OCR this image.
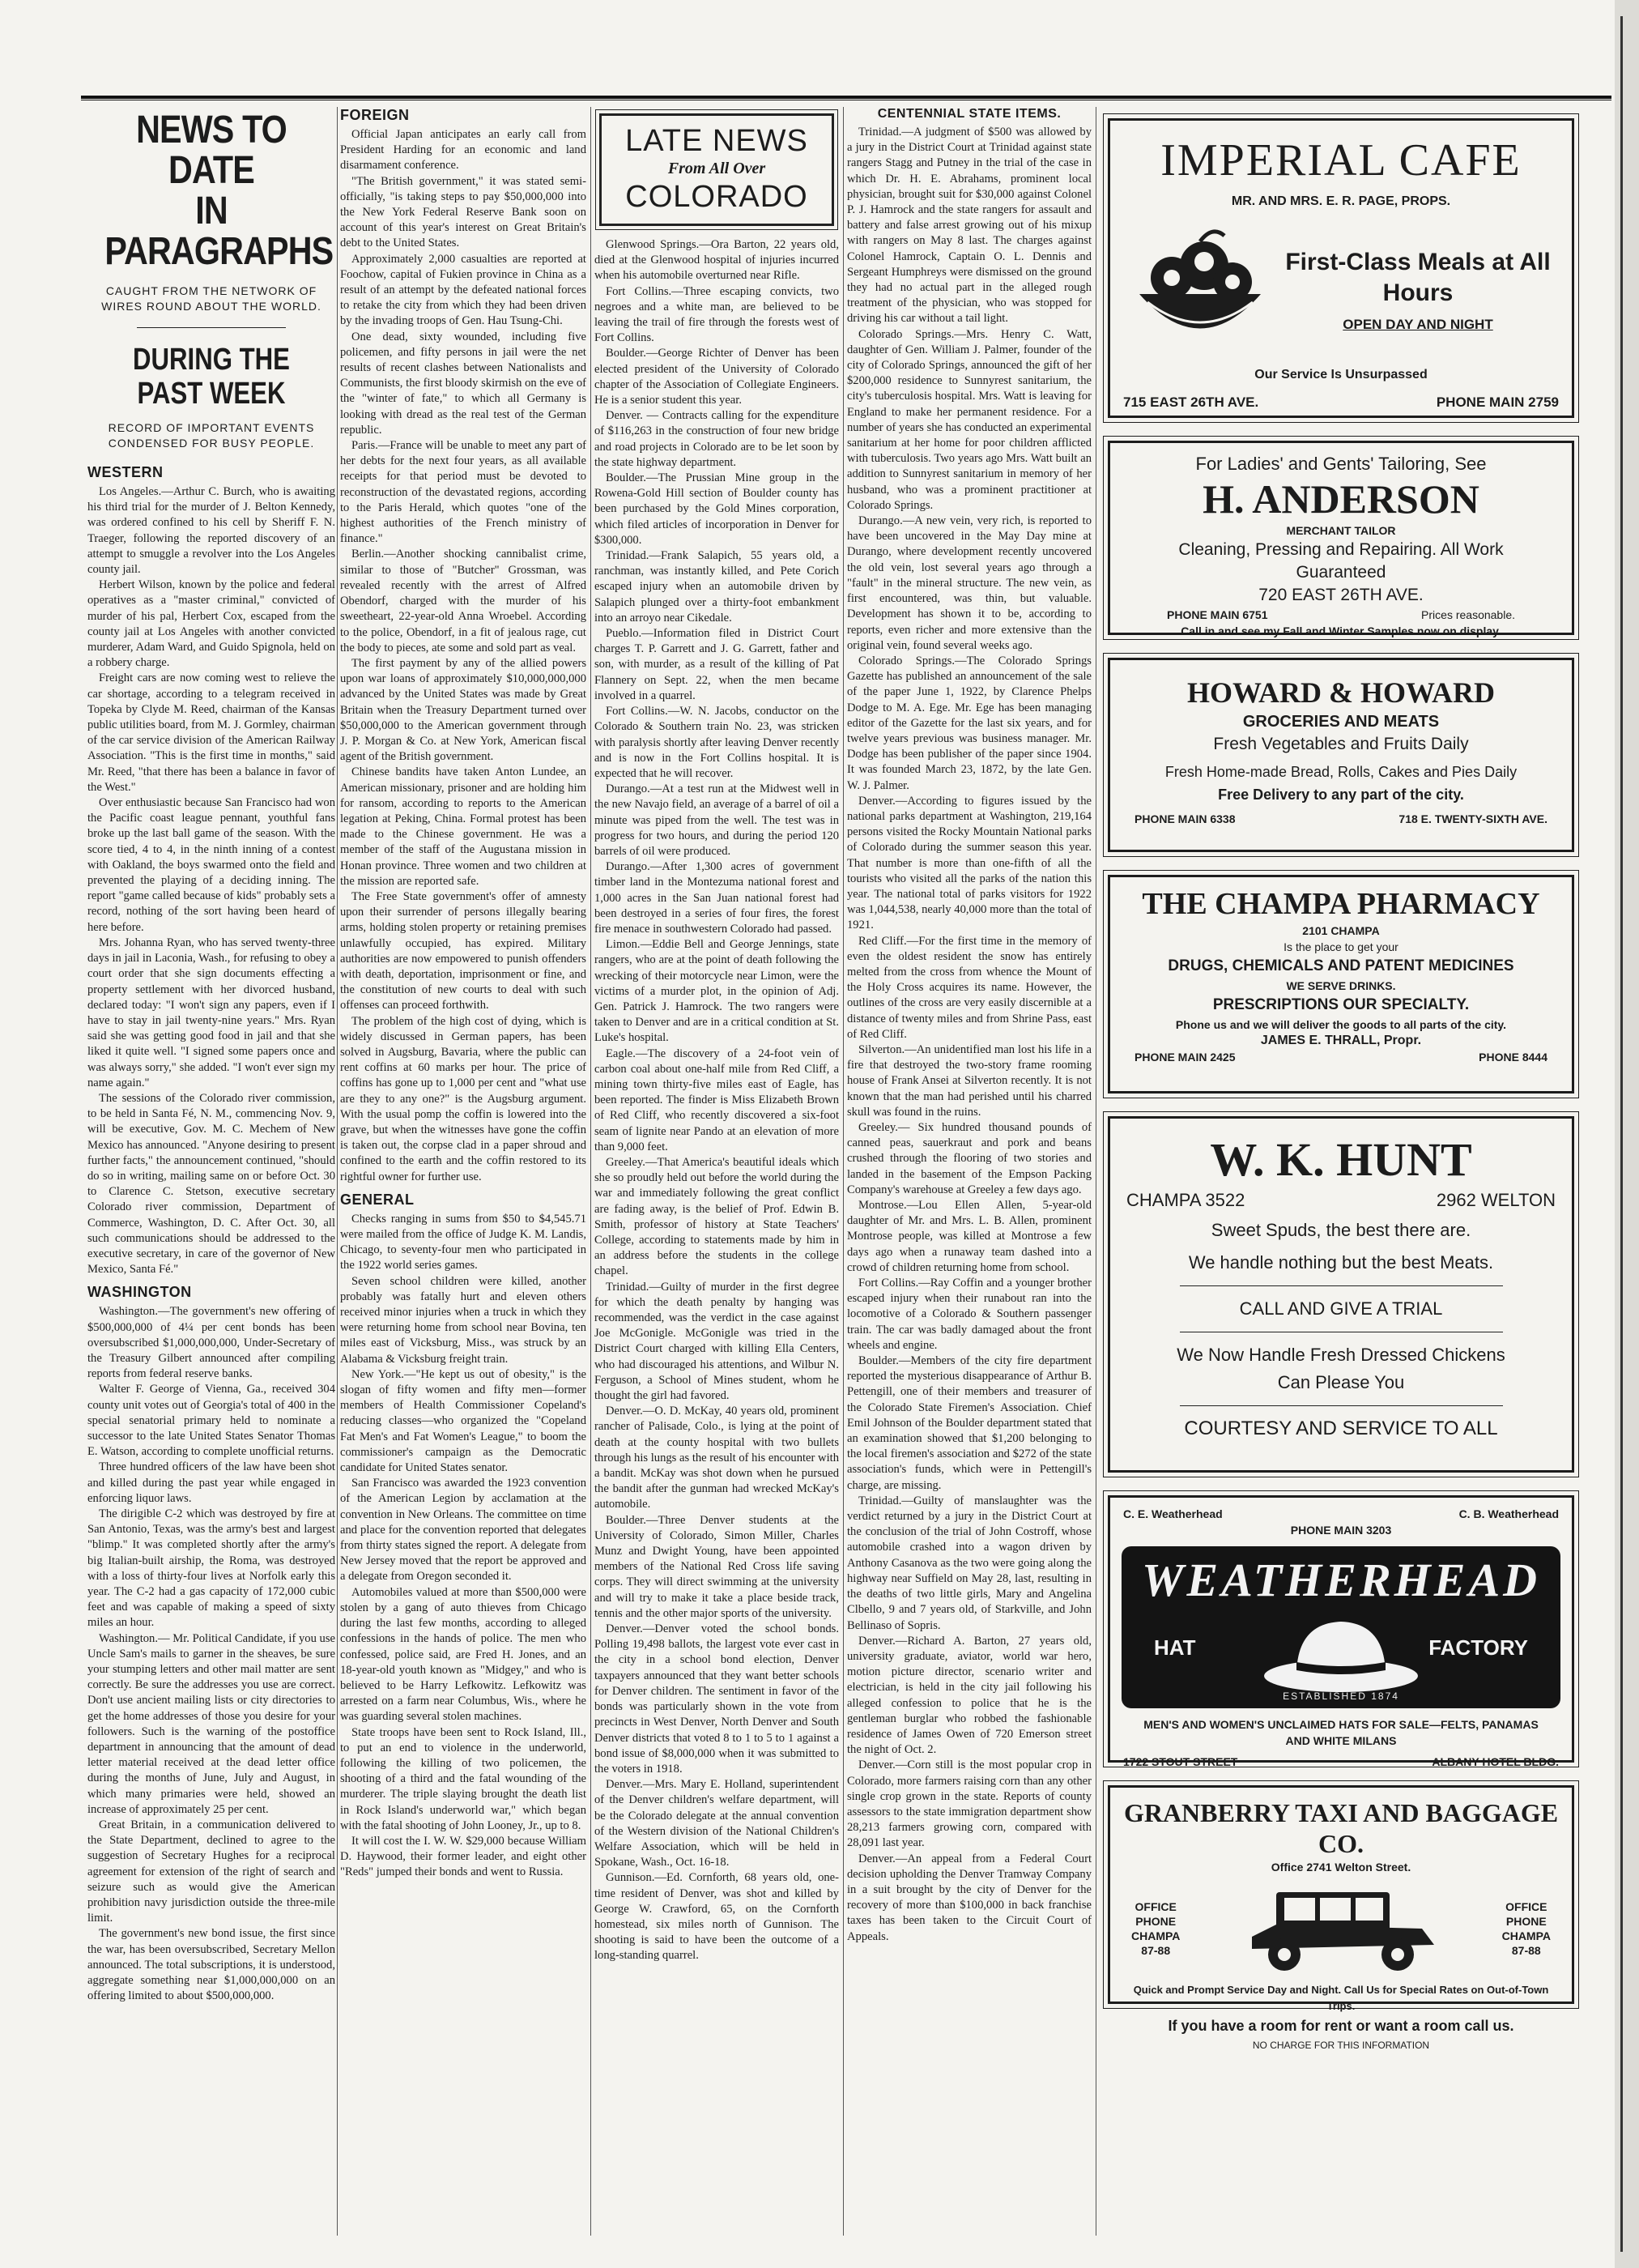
NEWS TO DATE
IN PARAGRAPHS
CAUGHT FROM THE NETWORK OF WIRES ROUND ABOUT THE WORLD.
DURING THE PAST WEEK
RECORD OF IMPORTANT EVENTS CONDENSED FOR BUSY PEOPLE.
WESTERN
Los Angeles.—Arthur C. Burch, who is awaiting his third trial for the murder of J. Belton Kennedy, was ordered confined to his cell by Sheriff F. N. Traeger, following the reported discovery of an attempt to smuggle a revolver into the Los Angeles county jail.
Herbert Wilson, known by the police and federal operatives as a "master criminal," convicted of murder of his pal, Herbert Cox, escaped from the county jail at Los Angeles with another convicted murderer, Adam Ward, and Guido Spignola, held on a robbery charge.
Freight cars are now coming west to relieve the car shortage, according to a telegram received in Topeka by Clyde M. Reed, chairman of the Kansas public utilities board, from M. J. Gormley, chairman of the car service division of the American Railway Association. "This is the first time in months," said Mr. Reed, "that there has been a balance in favor of the West."
Over enthusiastic because San Francisco had won the Pacific coast league pennant, youthful fans broke up the last ball game of the season. With the score tied, 4 to 4, in the ninth inning of a contest with Oakland, the boys swarmed onto the field and prevented the playing of a deciding inning. The report "game called because of kids" probably sets a record, nothing of the sort having been heard of here before.
Mrs. Johanna Ryan, who has served twenty-three days in jail in Laconia, Wash., for refusing to obey a court order that she sign documents effecting a property settlement with her divorced husband, declared today: "I won't sign any papers, even if I have to stay in jail twenty-nine years." Mrs. Ryan said she was getting good food in jail and that she liked it quite well. "I signed some papers once and was always sorry," she added. "I won't ever sign my name again."
The sessions of the Colorado river commission, to be held in Santa Fé, N. M., commencing Nov. 9, will be executive, Gov. M. C. Mechem of New Mexico has announced. "Anyone desiring to present further facts," the announcement continued, "should do so in writing, mailing same on or before Oct. 30 to Clarence C. Stetson, executive secretary Colorado river commission, Department of Commerce, Washington, D. C. After Oct. 30, all such communications should be addressed to the executive secretary, in care of the governor of New Mexico, Santa Fé."
WASHINGTON
Washington.—The government's new offering of $500,000,000 of 4¼ per cent bonds has been oversubscribed $1,000,000,000, Under-Secretary of the Treasury Gilbert announced after compiling reports from federal reserve banks.
Walter F. George of Vienna, Ga., received 304 county unit votes out of Georgia's total of 400 in the special senatorial primary held to nominate a successor to the late United States Senator Thomas E. Watson, according to complete unofficial returns.
Three hundred officers of the law have been shot and killed during the past year while engaged in enforcing liquor laws.
The dirigible C-2 which was destroyed by fire at San Antonio, Texas, was the army's best and largest "blimp." It was completed shortly after the army's big Italian-built airship, the Roma, was destroyed with a loss of thirty-four lives at Norfolk early this year. The C-2 had a gas capacity of 172,000 cubic feet and was capable of making a speed of sixty miles an hour.
Washington.— Mr. Political Candidate, if you use Uncle Sam's mails to garner in the sheaves, be sure your stumping letters and other mail matter are sent correctly. Be sure the addresses you use are correct. Don't use ancient mailing lists or city directories to get the home addresses of those you desire for your followers. Such is the warning of the postoffice department in announcing that the amount of dead letter material received at the dead letter office during the months of June, July and August, in which many primaries were held, showed an increase of approximately 25 per cent.
Great Britain, in a communication delivered to the State Department, declined to agree to the suggestion of Secretary Hughes for a reciprocal agreement for extension of the right of search and seizure such as would give the American prohibition navy jurisdiction outside the three-mile limit.
The government's new bond issue, the first since the war, has been oversubscribed, Secretary Mellon announced. The total subscriptions, it is understood, aggregate something near $1,000,000,000 on an offering limited to about $500,000,000.
FOREIGN
Official Japan anticipates an early call from President Harding for an economic and land disarmament conference.
"The British government," it was stated semi-officially, "is taking steps to pay $50,000,000 into the New York Federal Reserve Bank soon on account of this year's interest on Great Britain's debt to the United States.
Approximately 2,000 casualties are reported at Foochow, capital of Fukien province in China as a result of an attempt by the defeated national forces to retake the city from which they had been driven by the invading troops of Gen. Hau Tsung-Chi.
One dead, sixty wounded, including five policemen, and fifty persons in jail were the net results of recent clashes between Nationalists and Communists, the first bloody skirmish on the eve of the "winter of fate," to which all Germany is looking with dread as the real test of the German republic.
Paris.—France will be unable to meet any part of her debts for the next four years, as all available receipts for that period must be devoted to reconstruction of the devastated regions, according to the Paris Herald, which quotes "one of the highest authorities of the French ministry of finance."
Berlin.—Another shocking cannibalist crime, similar to those of "Butcher" Grossman, was revealed recently with the arrest of Alfred Obendorf, charged with the murder of his sweetheart, 22-year-old Anna Wroebel. According to the police, Obendorf, in a fit of jealous rage, cut the body to pieces, ate some and sold part as veal.
The first payment by any of the allied powers upon war loans of approximately $10,000,000,000 advanced by the United States was made by Great Britain when the Treasury Department turned over $50,000,000 to the American government through J. P. Morgan & Co. at New York, American fiscal agent of the British government.
Chinese bandits have taken Anton Lundee, an American missionary, prisoner and are holding him for ransom, according to reports to the American legation at Peking, China. Formal protest has been made to the Chinese government. He was a member of the staff of the Augustana mission in Honan province. Three women and two children at the mission are reported safe.
The Free State government's offer of amnesty upon their surrender of persons illegally bearing arms, holding stolen property or retaining premises unlawfully occupied, has expired. Military authorities are now empowered to punish offenders with death, deportation, imprisonment or fine, and the constitution of new courts to deal with such offenses can proceed forthwith.
The problem of the high cost of dying, which is widely discussed in German papers, has been solved in Augsburg, Bavaria, where the public can rent coffins at 60 marks per hour. The price of coffins has gone up to 1,000 per cent and "what use are they to any one?" is the Augsburg argument. With the usual pomp the coffin is lowered into the grave, but when the witnesses have gone the coffin is taken out, the corpse clad in a paper shroud and confined to the earth and the coffin restored to its rightful owner for further use.
GENERAL
Checks ranging in sums from $50 to $4,545.71 were mailed from the office of Judge K. M. Landis, Chicago, to seventy-four men who participated in the 1922 world series games.
Seven school children were killed, another probably was fatally hurt and eleven others received minor injuries when a truck in which they were returning home from school near Bovina, ten miles east of Vicksburg, Miss., was struck by an Alabama & Vicksburg freight train.
New York.—"He kept us out of obesity," is the slogan of fifty women and fifty men—former members of Health Commissioner Copeland's reducing classes—who organized the "Copeland Fat Men's and Fat Women's League," to boom the commissioner's campaign as the Democratic candidate for United States senator.
San Francisco was awarded the 1923 convention of the American Legion by acclamation at the convention in New Orleans. The committee on time and place for the convention reported that delegates from thirty states signed the report. A delegate from New Jersey moved that the report be approved and a delegate from Oregon seconded it.
Automobiles valued at more than $500,000 were stolen by a gang of auto thieves from Chicago during the last few months, according to alleged confessions in the hands of police. The men who confessed, police said, are Fred H. Jones, and an 18-year-old youth known as "Midgey," and who is believed to be Harry Lefkowitz. Lefkowitz was arrested on a farm near Columbus, Wis., where he was guarding several stolen machines.
State troops have been sent to Rock Island, Ill., to put an end to violence in the underworld, following the killing of two policemen, the shooting of a third and the fatal wounding of the murderer. The triple slaying brought the death list in Rock Island's underworld war," which began with the fatal shooting of John Looney, Jr., up to 8.
It will cost the I. W. W. $29,000 because William D. Haywood, their former leader, and eight other "Reds" jumped their bonds and went to Russia.
LATE NEWS
From All Over
COLORADO
Glenwood Springs.—Ora Barton, 22 years old, died at the Glenwood hospital of injuries incurred when his automobile overturned near Rifle.
Fort Collins.—Three escaping convicts, two negroes and a white man, are believed to be leaving the trail of fire through the forests west of Fort Collins.
Boulder.—George Richter of Denver has been elected president of the University of Colorado chapter of the Association of Collegiate Engineers. He is a senior student this year.
Denver. — Contracts calling for the expenditure of $116,263 in the construction of four new bridge and road projects in Colorado are to be let soon by the state highway department.
Boulder.—The Prussian Mine group in the Rowena-Gold Hill section of Boulder county has been purchased by the Gold Mines corporation, which filed articles of incorporation in Denver for $300,000.
Trinidad.—Frank Salapich, 55 years old, a ranchman, was instantly killed, and Pete Corich escaped injury when an automobile driven by Salapich plunged over a thirty-foot embankment into an arroyo near Cikedale.
Pueblo.—Information filed in District Court charges T. P. Garrett and J. G. Garrett, father and son, with murder, as a result of the killing of Pat Flannery on Sept. 22, when the men became involved in a quarrel.
Fort Collins.—W. N. Jacobs, conductor on the Colorado & Southern train No. 23, was stricken with paralysis shortly after leaving Denver recently and is now in the Fort Collins hospital. It is expected that he will recover.
Durango.—At a test run at the Midwest well in the new Navajo field, an average of a barrel of oil a minute was piped from the well. The test was in progress for two hours, and during the period 120 barrels of oil were produced.
Durango.—After 1,300 acres of government timber land in the Montezuma national forest and 1,000 acres in the San Juan national forest had been destroyed in a series of four fires, the forest fire menace in southwestern Colorado had passed.
Limon.—Eddie Bell and George Jennings, state rangers, who are at the point of death following the wrecking of their motorcycle near Limon, were the victims of a murder plot, in the opinion of Adj. Gen. Patrick J. Hamrock. The two rangers were taken to Denver and are in a critical condition at St. Luke's hospital.
Eagle.—The discovery of a 24-foot vein of carbon coal about one-half mile from Red Cliff, a mining town thirty-five miles east of Eagle, has been reported. The finder is Miss Elizabeth Brown of Red Cliff, who recently discovered a six-foot seam of lignite near Pando at an elevation of more than 9,000 feet.
Greeley.—That America's beautiful ideals which she so proudly held out before the world during the war and immediately following the great conflict are fading away, is the belief of Prof. Edwin B. Smith, professor of history at State Teachers' College, according to statements made by him in an address before the students in the college chapel.
Trinidad.—Guilty of murder in the first degree for which the death penalty by hanging was recommended, was the verdict in the case against Joe McGonigle. McGonigle was tried in the District Court charged with killing Ella Centers, who had discouraged his attentions, and Wilbur N. Ferguson, a School of Mines student, whom he thought the girl had favored.
Denver.—O. D. McKay, 40 years old, prominent rancher of Palisade, Colo., is lying at the point of death at the county hospital with two bullets through his lungs as the result of his encounter with a bandit. McKay was shot down when he pursued the bandit after the gunman had wrecked McKay's automobile.
Boulder.—Three Denver students at the University of Colorado, Simon Miller, Charles Munz and Dwight Young, have been appointed members of the National Red Cross life saving corps. They will direct swimming at the university and will try to make it take a place beside track, tennis and the other major sports of the university.
Denver.—Denver voted the school bonds. Polling 19,498 ballots, the largest vote ever cast in the city in a school bond election, Denver taxpayers announced that they want better schools for Denver children. The sentiment in favor of the bonds was particularly shown in the vote from precincts in West Denver, North Denver and South Denver districts that voted 8 to 1 to 5 to 1 against a bond issue of $8,000,000 when it was submitted to the voters in 1918.
Denver.—Mrs. Mary E. Holland, superintendent of the Denver children's welfare department, will be the Colorado delegate at the annual convention of the Western division of the National Children's Welfare Association, which will be held in Spokane, Wash., Oct. 16-18.
Gunnison.—Ed. Cornforth, 68 years old, one-time resident of Denver, was shot and killed by George W. Crawford, 65, on the Cornforth homestead, six miles north of Gunnison. The shooting is said to have been the outcome of a long-standing quarrel.
CENTENNIAL STATE ITEMS.
Trinidad.—A judgment of $500 was allowed by a jury in the District Court at Trinidad against state rangers Stagg and Putney in the trial of the case in which Dr. H. E. Abrahams, prominent local physician, brought suit for $30,000 against Colonel P. J. Hamrock and the state rangers for assault and battery and false arrest growing out of his mixup with rangers on May 8 last. The charges against Colonel Hamrock, Captain O. L. Dennis and Sergeant Humphreys were dismissed on the ground they had no actual part in the alleged rough treatment of the physician, who was stopped for driving his car without a tail light.
Colorado Springs.—Mrs. Henry C. Watt, daughter of Gen. William J. Palmer, founder of the city of Colorado Springs, announced the gift of her $200,000 residence to Sunnyrest sanitarium, the city's tuberculosis hospital. Mrs. Watt is leaving for England to make her permanent residence. For a number of years she has conducted an experimental sanitarium at her home for poor children afflicted with tuberculosis. Two years ago Mrs. Watt built an addition to Sunnyrest sanitarium in memory of her husband, who was a prominent practitioner at Colorado Springs.
Durango.—A new vein, very rich, is reported to have been uncovered in the May Day mine at Durango, where development recently uncovered the old vein, lost several years ago through a "fault" in the mineral structure. The new vein, as first encountered, was thin, but valuable. Development has shown it to be, according to reports, even richer and more extensive than the original vein, found several weeks ago.
Colorado Springs.—The Colorado Springs Gazette has published an announcement of the sale of the paper June 1, 1922, by Clarence Phelps Dodge to M. A. Ege. Mr. Ege has been managing editor of the Gazette for the last six years, and for twelve years previous was business manager. Mr. Dodge has been publisher of the paper since 1904. It was founded March 23, 1872, by the late Gen. W. J. Palmer.
Denver.—According to figures issued by the national parks department at Washington, 219,164 persons visited the Rocky Mountain National parks of Colorado during the summer season this year. That number is more than one-fifth of all the tourists who visited all the parks of the nation this year. The national total of parks visitors for 1922 was 1,044,538, nearly 40,000 more than the total of 1921.
Red Cliff.—For the first time in the memory of even the oldest resident the snow has entirely melted from the cross from whence the Mount of the Holy Cross acquires its name. However, the outlines of the cross are very easily discernible at a distance of twenty miles and from Shrine Pass, east of Red Cliff.
Silverton.—An unidentified man lost his life in a fire that destroyed the two-story frame rooming house of Frank Ansei at Silverton recently. It is not known that the man had perished until his charred skull was found in the ruins.
Greeley.— Six hundred thousand pounds of canned peas, sauerkraut and pork and beans crushed through the flooring of two stories and landed in the basement of the Empson Packing Company's warehouse at Greeley a few days ago.
Montrose.—Lou Ellen Allen, 5-year-old daughter of Mr. and Mrs. L. B. Allen, prominent Montrose people, was killed at Montrose a few days ago when a runaway team dashed into a crowd of children returning home from school.
Fort Collins.—Ray Coffin and a younger brother escaped injury when their runabout ran into the locomotive of a Colorado & Southern passenger train. The car was badly damaged about the front wheels and engine.
Boulder.—Members of the city fire department reported the mysterious disappearance of Arthur B. Pettengill, one of their members and treasurer of the Colorado State Firemen's Association. Chief Emil Johnson of the Boulder department stated that an examination showed that $1,200 belonging to the local firemen's association and $272 of the state association's funds, which were in Pettengill's charge, are missing.
Trinidad.—Guilty of manslaughter was the verdict returned by a jury in the District Court at the conclusion of the trial of John Costroff, whose automobile crashed into a wagon driven by Anthony Casanova as the two were going along the highway near Suffield on May 28, last, resulting in the deaths of two little girls, Mary and Angelina Clbello, 9 and 7 years old, of Starkville, and John Bellinaso of Sopris.
Denver.—Richard A. Barton, 27 years old, university graduate, aviator, world war hero, motion picture director, scenario writer and electrician, is held in the city jail following his alleged confession to police that he is the gentleman burglar who robbed the fashionable residence of James Owen of 720 Emerson street the night of Oct. 2.
Denver.—Corn still is the most popular crop in Colorado, more farmers raising corn than any other single crop grown in the state. Reports of county assessors to the state immigration department show 28,213 farmers growing corn, compared with 28,091 last year.
Denver.—An appeal from a Federal Court decision upholding the Denver Tramway Company in a suit brought by the city of Denver for the recovery of more than $100,000 in back franchise taxes has been taken to the Circuit Court of Appeals.
IMPERIAL CAFE
MR. AND MRS. E. R. PAGE, PROPS.
First-Class Meals at All Hours
OPEN DAY AND NIGHT
Our Service Is Unsurpassed
715 EAST 26TH AVE.	PHONE MAIN 2759
For Ladies' and Gents' Tailoring, See
H. ANDERSON
MERCHANT TAILOR
Cleaning, Pressing and Repairing. All Work Guaranteed
720 EAST 26TH AVE.
PHONE MAIN 6751	Prices reasonable.
Call in and see my Fall and Winter Samples now on display.
HOWARD & HOWARD
GROCERIES AND MEATS
Fresh Vegetables and Fruits Daily
Fresh Home-made Bread, Rolls, Cakes and Pies Daily
Free Delivery to any part of the city.
PHONE MAIN 6338	718 E. TWENTY-SIXTH AVE.
THE CHAMPA PHARMACY
2101 CHAMPA
Is the place to get your
DRUGS, CHEMICALS AND PATENT MEDICINES
WE SERVE DRINKS.
PRESCRIPTIONS OUR SPECIALTY.
Phone us and we will deliver the goods to all parts of the city.
JAMES E. THRALL, Propr.
PHONE MAIN 2425	PHONE 8444
W. K. HUNT
CHAMPA 3522	2962 WELTON
Sweet Spuds, the best there are.
We handle nothing but the best Meats.
CALL AND GIVE A TRIAL
We Now Handle Fresh Dressed Chickens
Can Please You
COURTESY AND SERVICE TO ALL
C. E. Weatherhead	C. B. Weatherhead
PHONE MAIN 3203
WEATHERHEAD
HAT	FACTORY
ESTABLISHED 1874
MEN'S AND WOMEN'S UNCLAIMED HATS FOR SALE—FELTS, PANAMAS AND WHITE MILANS
1722 STOUT STREET	ALBANY HOTEL BLDG.
GRANBERRY TAXI AND BAGGAGE CO.
Office 2741 Welton Street.
OFFICE
PHONE
CHAMPA
87-88
OFFICE
PHONE
CHAMPA
87-88
Quick and Prompt Service Day and Night. Call Us for Special Rates on Out-of-Town Trips.
If you have a room for rent or want a room call us.
NO CHARGE FOR THIS INFORMATION
